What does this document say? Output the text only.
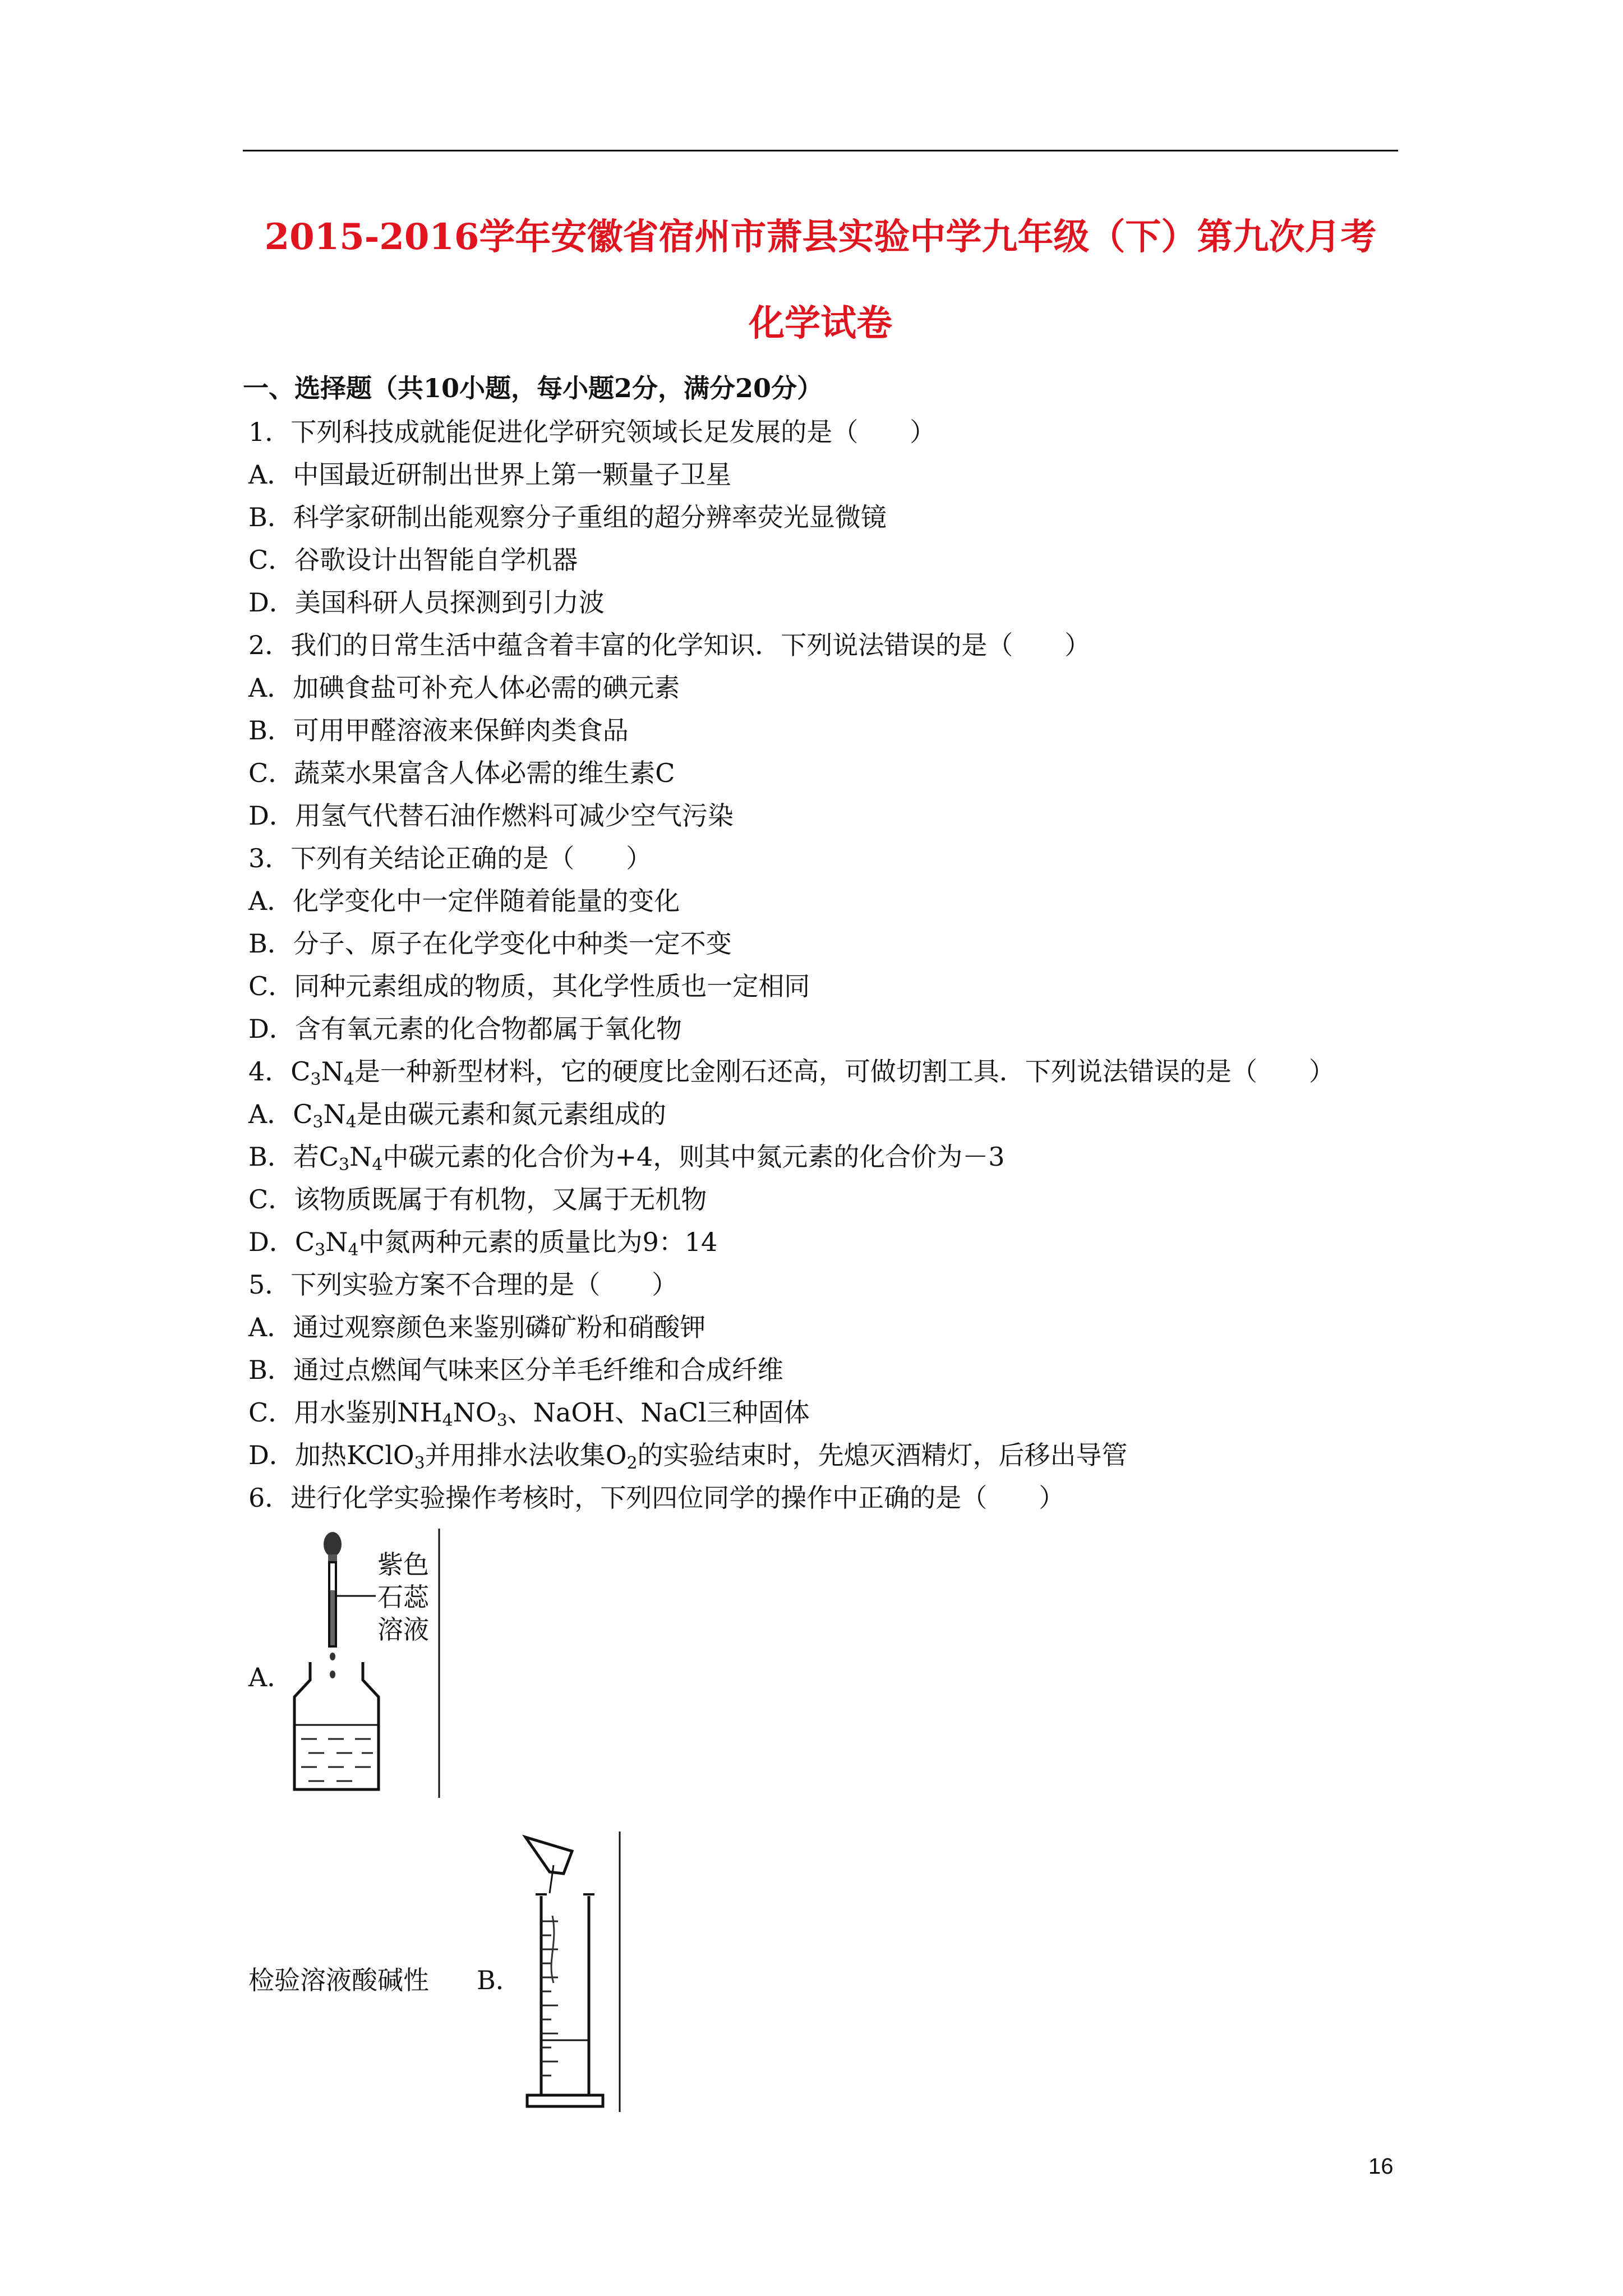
2015-2016学年安徽省宿州市萧县实验中学九年级（下）第九次月考
化学试卷
一、选择题（共10小题，每小题2分，满分20分）
1．下列科技成就能促进化学研究领域长足发展的是（　　）
A．中国最近研制出世界上第一颗量子卫星
B．科学家研制出能观察分子重组的超分辨率荧光显微镜
C．谷歌设计出智能自学机器
D．美国科研人员探测到引力波
2．我们的日常生活中蕴含着丰富的化学知识．下列说法错误的是（　　）
A．加碘食盐可补充人体必需的碘元素
B．可用甲醛溶液来保鲜肉类食品
C．蔬菜水果富含人体必需的维生素C
D．用氢气代替石油作燃料可减少空气污染
3．下列有关结论正确的是（　　）
A．化学变化中一定伴随着能量的变化
B．分子、原子在化学变化中种类一定不变
C．同种元素组成的物质，其化学性质也一定相同
D．含有氧元素的化合物都属于氧化物
4．$C_3N_4$是一种新型材料，它的硬度比金刚石还高，可做切割工具．下列说法错误的是（　　）
A．$C_3N_4$是由碳元素和氮元素组成的
B．若$C_3N_4$中碳元素的化合价为+4，则其中氮元素的化合价为－3
C．该物质既属于有机物，又属于无机物
D．$C_3N_4$中氮两种元素的质量比为9：14
5．下列实验方案不合理的是（　　）
A．通过观察颜色来鉴别磷矿粉和硝酸钾
B．通过点燃闻气味来区分羊毛纤维和合成纤维
C．用水鉴别$NH_4NO_3$、NaOH、NaCl三种固体
D．加热KClO$_3$并用排水法收集$O_2$的实验结束时，先熄灭酒精灯，后移出导管
6．进行化学实验操作考核时，下列四位同学的操作中正确的是（　　）
A．
紫色
石蕊
溶液
检验溶液酸碱性 B．
16
